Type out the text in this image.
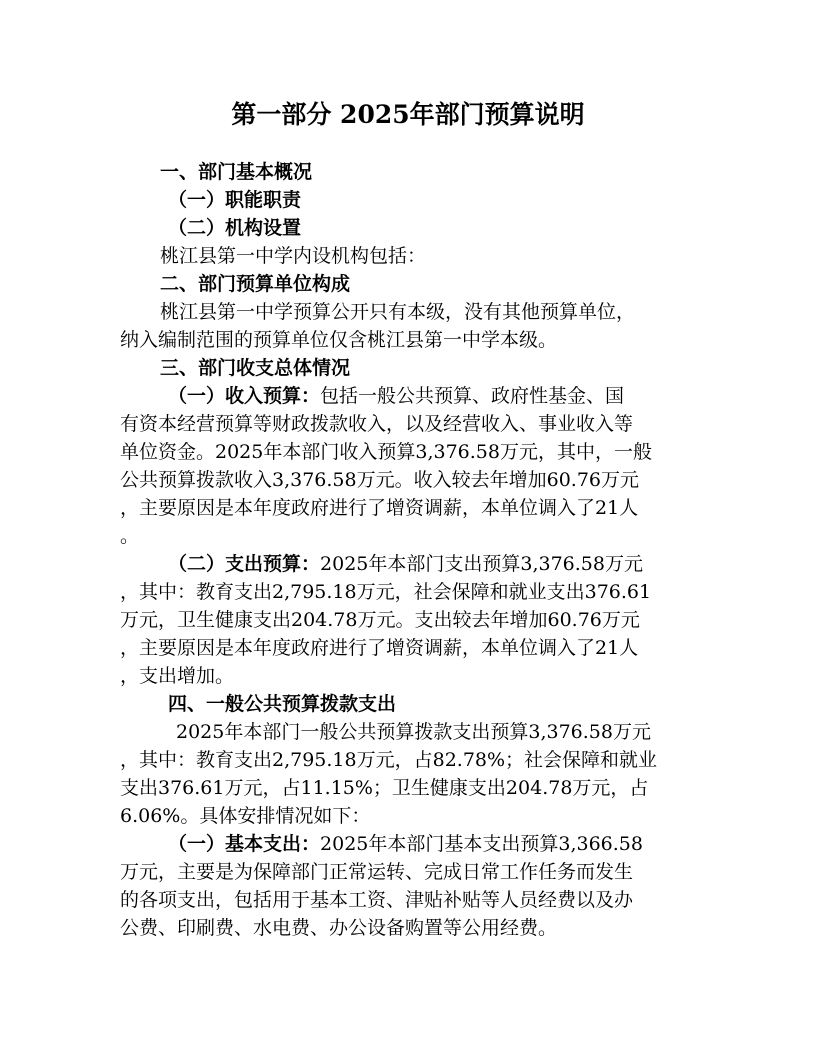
第一部分 2025年部门预算说明
一、部门基本概况
（一）职能职责
（二）机构设置
桃江县第一中学内设机构包括：
二、部门预算单位构成
桃江县第一中学预算公开只有本级，没有其他预算单位，
纳入编制范围的预算单位仅含桃江县第一中学本级。
三、部门收支总体情况
（一）收入预算：包括一般公共预算、政府性基金、国
有资本经营预算等财政拨款收入，以及经营收入、事业收入等
单位资金。2025年本部门收入预算3,376.58万元，其中，一般
公共预算拨款收入3,376.58万元。收入较去年增加60.76万元
，主要原因是本年度政府进行了增资调薪，本单位调入了21人
。
（二）支出预算：2025年本部门支出预算3,376.58万元
，其中：教育支出2,795.18万元，社会保障和就业支出376.61
万元，卫生健康支出204.78万元。支出较去年增加60.76万元
，主要原因是本年度政府进行了增资调薪，本单位调入了21人
，支出增加。
四、一般公共预算拨款支出
2025年本部门一般公共预算拨款支出预算3,376.58万元
，其中：教育支出2,795.18万元，占82.78%；社会保障和就业
支出376.61万元，占11.15%；卫生健康支出204.78万元，占
6.06%。具体安排情况如下：
（一）基本支出：2025年本部门基本支出预算3,366.58
万元，主要是为保障部门正常运转、完成日常工作任务而发生
的各项支出，包括用于基本工资、津贴补贴等人员经费以及办
公费、印刷费、水电费、办公设备购置等公用经费。
